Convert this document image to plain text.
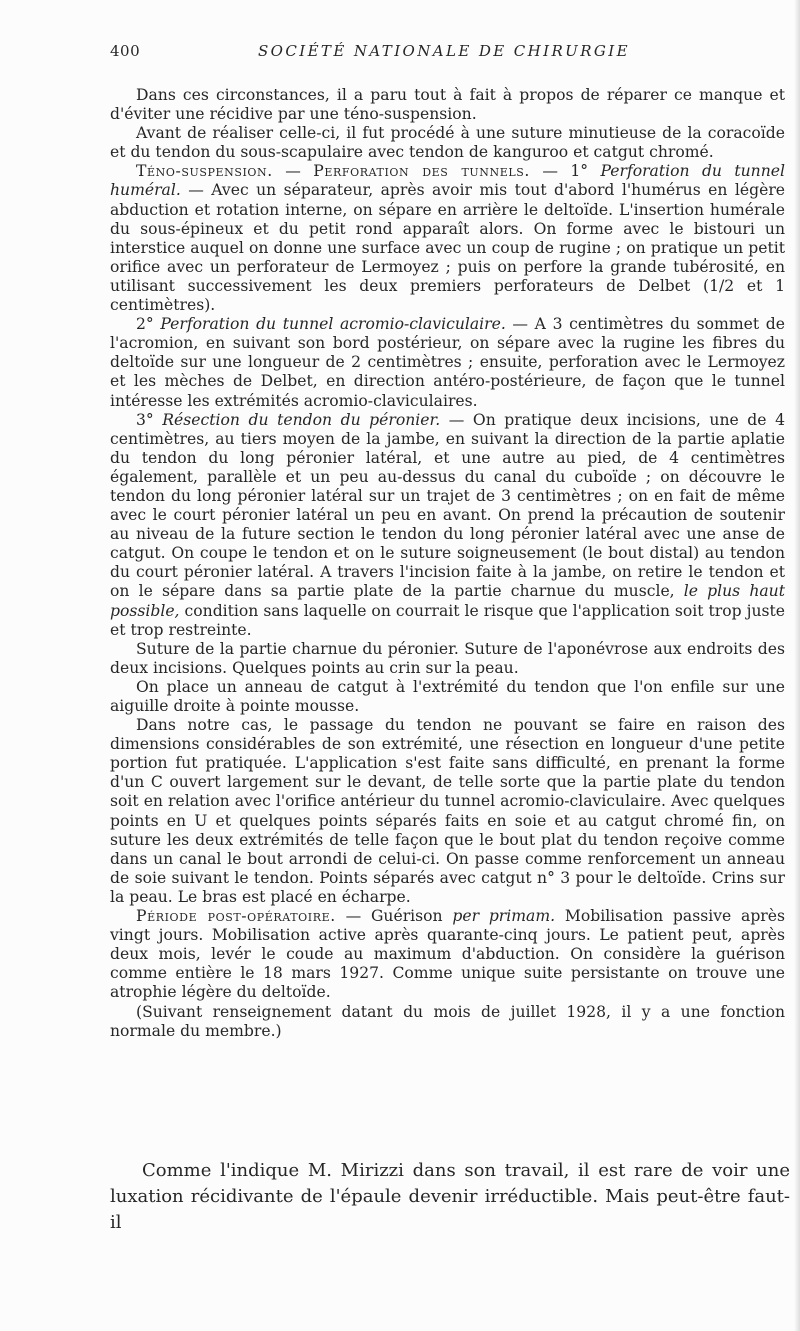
400	SOCIÉTÉ NATIONALE DE CHIRURGIE

Dans ces circonstances, il a paru tout à fait à propos de réparer ce manque et d'éviter une récidive par une téno-suspension.

Avant de réaliser celle-ci, il fut procédé à une suture minutieuse de la coracoïde et du tendon du sous-scapulaire avec tendon de kanguroo et catgut chromé.

Téno-suspension. — Perforation des tunnels. — 1° Perforation du tunnel huméral. — Avec un séparateur, après avoir mis tout d'abord l'humérus en légère abduction et rotation interne, on sépare en arrière le deltoïde. L'insertion humérale du sous-épineux et du petit rond apparaît alors. On forme avec le bistouri un interstice auquel on donne une surface avec un coup de rugine ; on pratique un petit orifice avec un perforateur de Lermoyez ; puis on perfore la grande tubérosité, en utilisant successivement les deux premiers perforateurs de Delbet (1/2 et 1 centimètres).

2° Perforation du tunnel acromio-claviculaire. — A 3 centimètres du sommet de l'acromion, en suivant son bord postérieur, on sépare avec la rugine les fibres du deltoïde sur une longueur de 2 centimètres ; ensuite, perforation avec le Lermoyez et les mèches de Delbet, en direction antéro-postérieure, de façon que le tunnel intéresse les extrémités acromio-claviculaires.

3° Résection du tendon du péronier. — On pratique deux incisions, une de 4 centimètres, au tiers moyen de la jambe, en suivant la direction de la partie aplatie du tendon du long péronier latéral, et une autre au pied, de 4 centimètres également, parallèle et un peu au-dessus du canal du cuboïde ; on découvre le tendon du long péronier latéral sur un trajet de 3 centimètres ; on en fait de même avec le court péronier latéral un peu en avant. On prend la précaution de soutenir au niveau de la future section le tendon du long péronier latéral avec une anse de catgut. On coupe le tendon et on le suture soigneusement (le bout distal) au tendon du court péronier latéral. A travers l'incision faite à la jambe, on retire le tendon et on le sépare dans sa partie plate de la partie charnue du muscle, le plus haut possible, condition sans laquelle on courrait le risque que l'application soit trop juste et trop restreinte.

Suture de la partie charnue du péronier. Suture de l'aponévrose aux endroits des deux incisions. Quelques points au crin sur la peau.

On place un anneau de catgut à l'extrémité du tendon que l'on enfile sur une aiguille droite à pointe mousse.

Dans notre cas, le passage du tendon ne pouvant se faire en raison des dimensions considérables de son extrémité, une résection en longueur d'une petite portion fut pratiquée. L'application s'est faite sans difficulté, en prenant la forme d'un C ouvert largement sur le devant, de telle sorte que la partie plate du tendon soit en relation avec l'orifice antérieur du tunnel acromio-claviculaire. Avec quelques points en U et quelques points séparés faits en soie et au catgut chromé fin, on suture les deux extrémités de telle façon que le bout plat du tendon reçoive comme dans un canal le bout arrondi de celui-ci. On passe comme renforcement un anneau de soie suivant le tendon. Points séparés avec catgut n° 3 pour le deltoïde. Crins sur la peau. Le bras est placé en écharpe.

Période post-opératoire. — Guérison per primam. Mobilisation passive après vingt jours. Mobilisation active après quarante-cinq jours. Le patient peut, après deux mois, levér le coude au maximum d'abduction. On considère la guérison comme entière le 18 mars 1927. Comme unique suite persistante on trouve une atrophie légère du deltoïde.

(Suivant renseignement datant du mois de juillet 1928, il y a une fonction normale du membre.)

Comme l'indique M. Mirizzi dans son travail, il est rare de voir une luxation récidivante de l'épaule devenir irréductible. Mais peut-être faut-il
